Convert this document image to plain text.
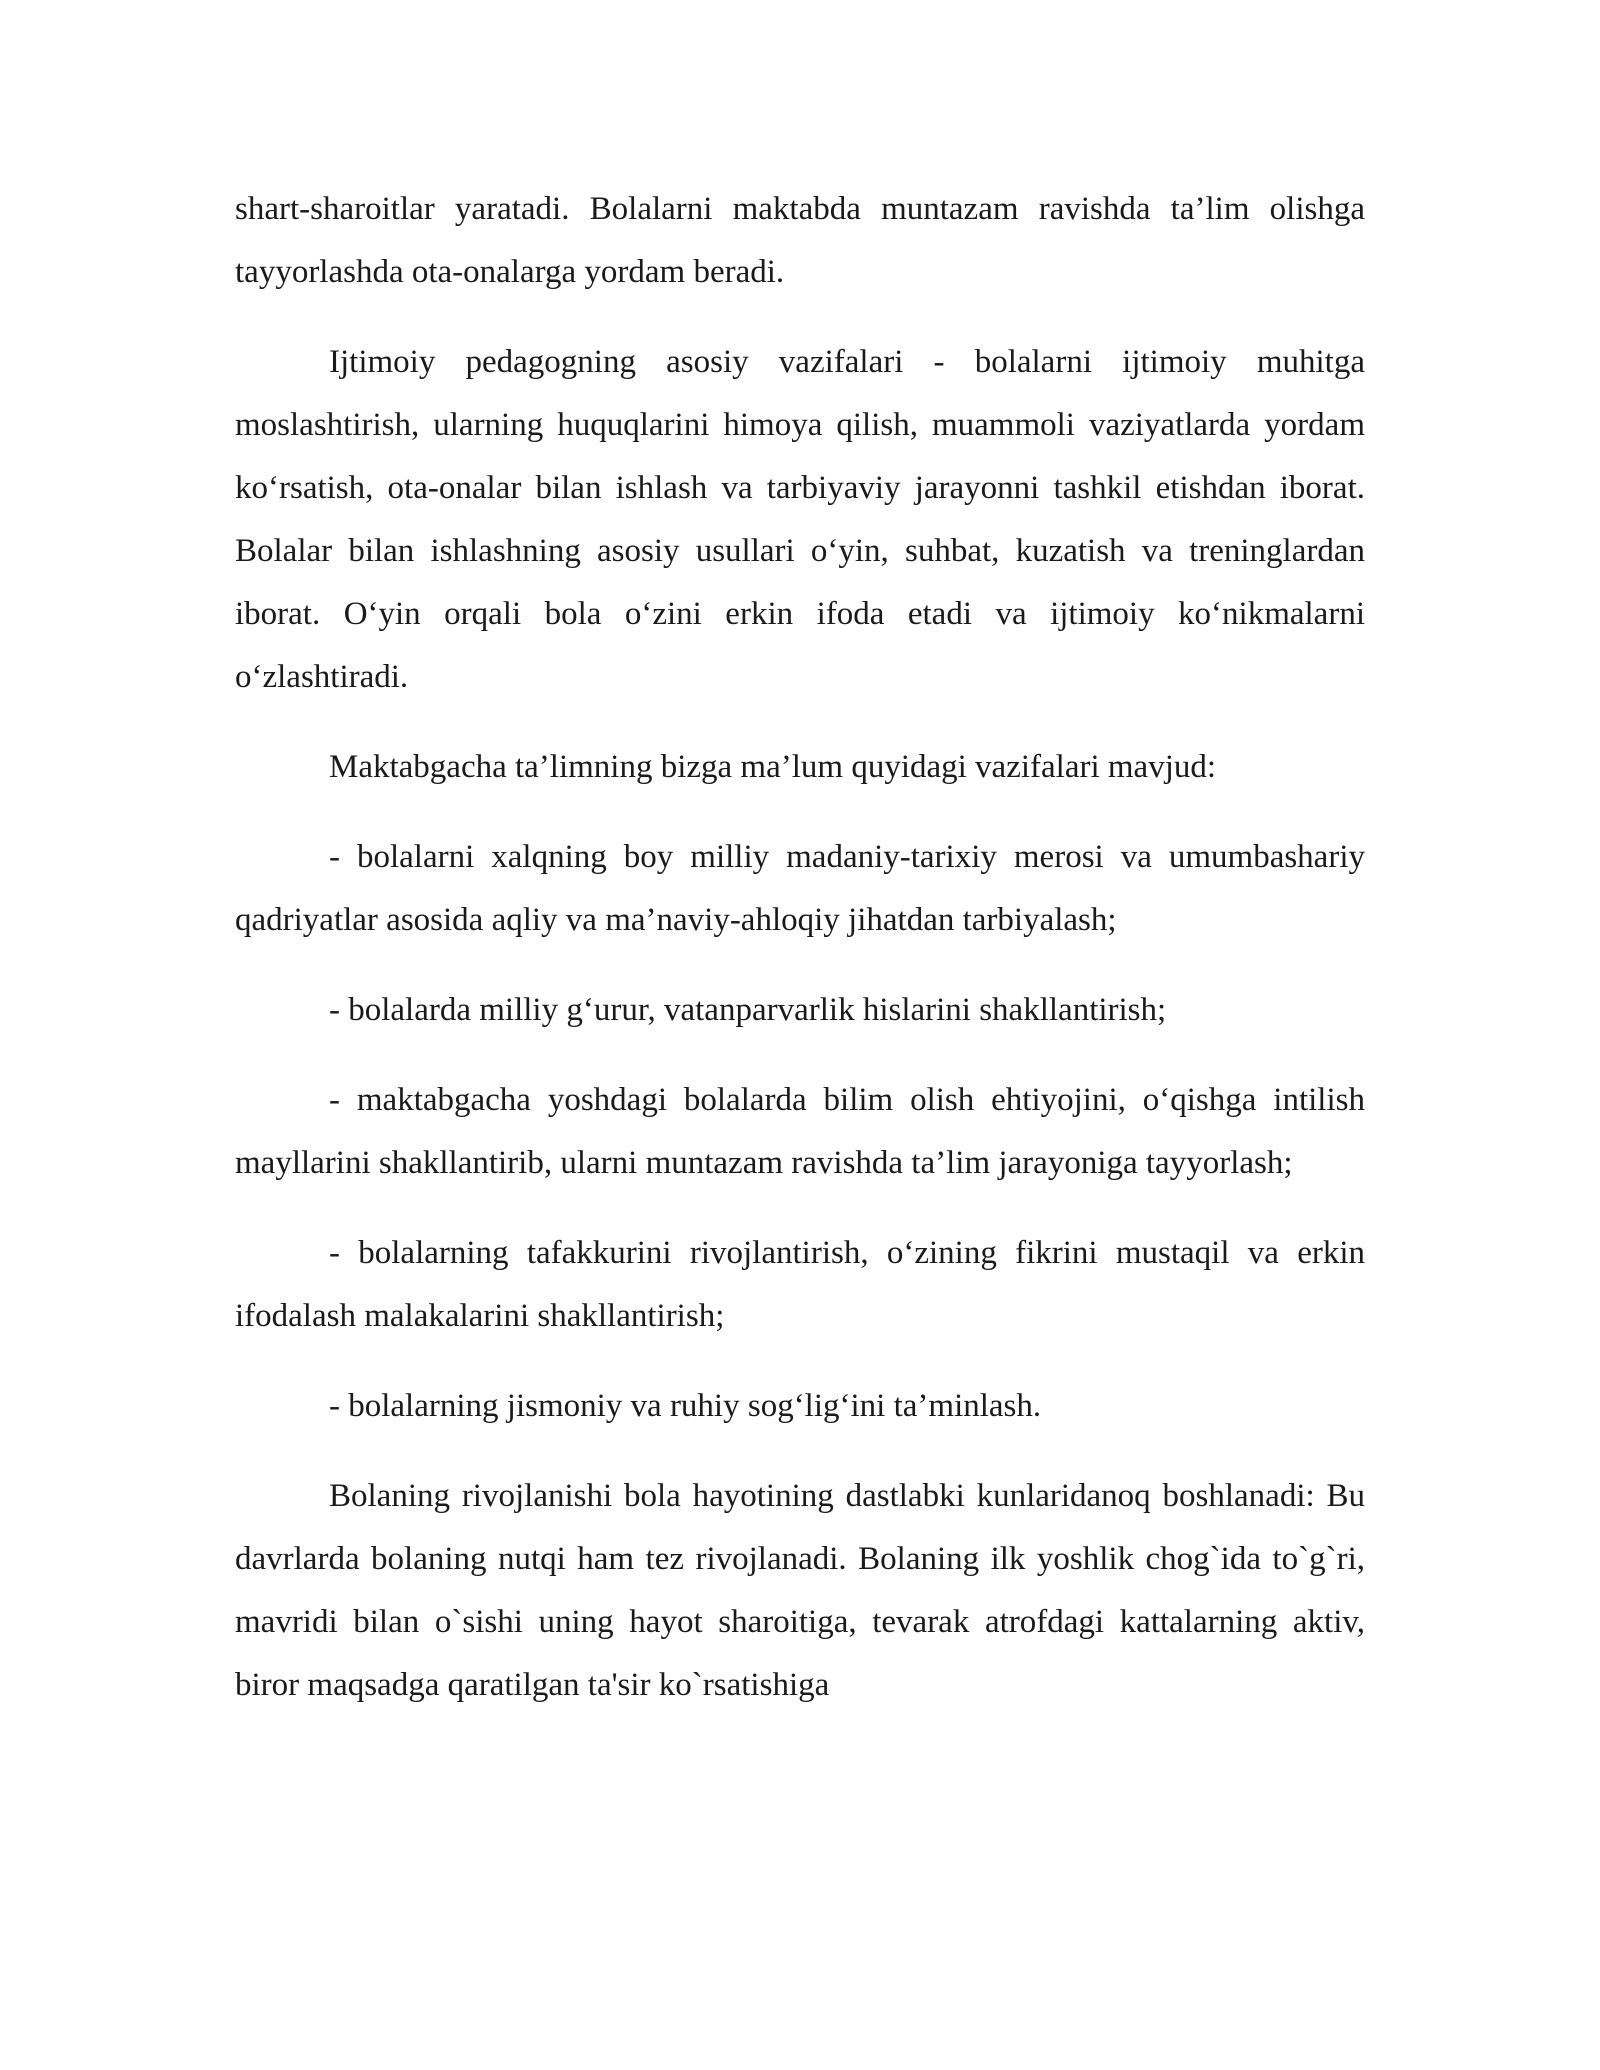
shart-sharoitlar yaratadi. Bolalarni maktabda muntazam ravishda ta’lim olishga tayyorlashda ota-onalarga yordam beradi.

Ijtimoiy pedagogning asosiy vazifalari - bolalarni ijtimoiy muhitga moslashtirish, ularning huquqlarini himoya qilish, muammoli vaziyatlarda yordam ko‘rsatish, ota-onalar bilan ishlash va tarbiyaviy jarayonni tashkil etishdan iborat. Bolalar bilan ishlashning asosiy usullari o‘yin, suhbat, kuzatish va treninglardan iborat. O‘yin orqali bola o‘zini erkin ifoda etadi va ijtimoiy ko‘nikmalarni o‘zlashtiradi.

Maktabgacha ta’limning bizga ma’lum quyidagi vazifalari mavjud:

- bolalarni xalqning boy milliy madaniy-tarixiy merosi va umumbashariy qadriyatlar asosida aqliy va ma’naviy-ahloqiy jihatdan tarbiyalash;

- bolalarda milliy g‘urur, vatanparvarlik hislarini shakllantirish;

- maktabgacha yoshdagi bolalarda bilim olish ehtiyojini, o‘qishga intilish mayllarini shakllantirib, ularni muntazam ravishda ta’lim jarayoniga tayyorlash;

- bolalarning tafakkurini rivojlantirish, o‘zining fikrini mustaqil va erkin ifodalash malakalarini shakllantirish;

- bolalarning jismoniy va ruhiy sog‘lig‘ini ta’minlash.

Bolaning rivojlanishi bola hayotining dastlabki kunlaridanoq boshlanadi: Bu davrlarda bolaning nutqi ham tez rivojlanadi. Bolaning ilk yoshlik chog`ida to`g`ri, mavridi bilan o`sishi uning hayot sharoitiga, tevarak atrofdagi kattalarning aktiv, biror maqsadga qaratilgan ta'sir ko`rsatishiga
